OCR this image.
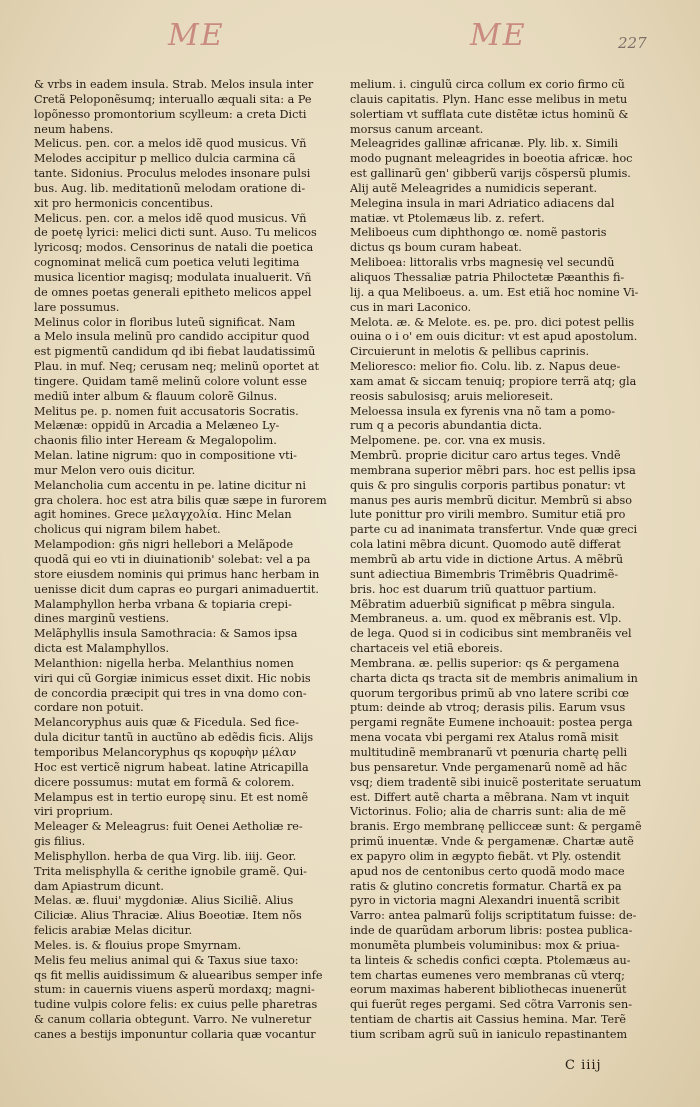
ME	ME	227
& vrbs in eadem insula. Strab. Melos insula inter
Cretã Peloponẽsumq; interuallo æquali sita: a Pe
lopõnesso promontorium scylleum: a creta Dicti
neum habens.
Melicus. pen. cor. a melos idẽ quod musicus. Vñ
Melodes accipitur p mellico dulcia carmina cã
tante. Sidonius. Proculus melodes insonare pulsi
bus. Aug. lib. meditationũ melodam oratione di-
xit pro hermonicis concentibus.
Melicus. pen. cor. a melos idẽ quod musicus. Vñ
de poetę lyrici: melici dicti sunt. Auso. Tu melicos
lyricosq; modos. Censorinus de natali die poetica
cognominat melicã cum poetica veluti legitima
musica licentior magisq; modulata inualuerit. Vñ
de omnes poetas generali epitheto melicos appel
lare possumus.
Melinus color in floribus luteũ significat. Nam
a Melo insula melinũ pro candido accipitur quod
est pigmentũ candidum qd ibi fiebat laudatissimũ
Plau. in muf. Neq; cerusam neq; melinũ oportet at
tingere. Quidam tamẽ melinũ colore volunt esse
mediũ inter album & flauum colorẽ Gilnus.
Melitus pe. p. nomen fuit accusatoris Socratis.
Melænæ: oppidũ in Arcadia a Melæneo Ly-
chaonis filio inter Heream & Megalopolim.
Melan. latine nigrum: quo in compositione vti-
mur Melon vero ouis dicitur.
Melancholia cum accentu in pe. latine dicitur ni
gra cholera. hoc est atra bilis quæ sæpe in furorem
agit homines. Grece μελαγχολία. Hinc Melan
cholicus qui nigram bilem habet.
Melampodion: gñs nigri hellebori a Melãpode
quodã qui eo vti in diuinationib' solebat: vel a pa
store eiusdem nominis qui primus hanc herbam in
uenisse dicit dum capras eo purgari animaduertit.
Malamphyllon herba vrbana & topiaria crepi-
dines marginũ vestiens.
Melãphyllis insula Samothracia: & Samos ipsa
dicta est Malamphyllos.
Melanthion: nigella herba. Melanthius nomen
viri qui cũ Gorgiæ inimicus esset dixit. Hic nobis
de concordia præcipit qui tres in vna domo con-
cordare non potuit.
Melancoryphus auis quæ & Ficedula. Sed fice-
dula dicitur tantũ in auctũno ab edẽdis ficis. Alijs
temporibus Melancoryphus qs κορυφὴν μέλαν
Hoc est verticẽ nigrum habeat. latine Atricapilla
dicere possumus: mutat em formã & colorem.
Melampus est in tertio europę sinu. Et est nomẽ
viri proprium.
Meleager & Meleagrus: fuit Oenei Aetholiæ re-
gis filius.
Melisphyllon. herba de qua Virg. lib. iiij. Geor.
Trita melisphylla & cerithe ignobile gramẽ. Qui-
dam Apiastrum dicunt.
Melas. æ. fluui' mygdoniæ. Alius Siciliẽ. Alius
Ciliciæ. Alius Thraciæ. Alius Boeotiæ. Item nõs
felicis arabiæ Melas dicitur.
Meles. is. & flouius prope Smyrnam.
Melis feu melius animal qui & Taxus siue taxo:
qs fit mellis auidissimum & aluearibus semper infe
stum: in cauernis viuens asperũ mordaxq; magni-
tudine vulpis colore felis: ex cuius pelle pharetras
& canum collaria obtegunt. Varro. Ne vulneretur
canes a bestijs imponuntur collaria quæ vocantur
melium. i. cingulũ circa collum ex corio firmo cũ
clauis capitatis. Plyn. Hanc esse melibus in metu
solertiam vt sufflata cute distẽtæ ictus hominũ &
morsus canum arceant.
Meleagrides gallinæ africanæ. Ply. lib. x. Simili
modo pugnant meleagrides in boeotia africæ. hoc
est gallinarũ gen' gibberũ varijs cõspersũ plumis.
Alij autẽ Meleagrides a numidicis seperant.
Melegina insula in mari Adriatico adiacens dal
matiæ. vt Ptolemæus lib. z. refert.
Meliboeus cum diphthongo œ. nomẽ pastoris
dictus qs boum curam habeat.
Meliboea: littoralis vrbs magnesię vel secundũ
aliquos Thessaliæ patria Philoctetæ Pæanthis fi-
lij. a qua Meliboeus. a. um. Est etiã hoc nomine Vi-
cus in mari Laconico.
Melota. æ. & Melote. es. pe. pro. dici potest pellis
ouina o i o' em ouis dicitur: vt est apud apostolum.
Circuierunt in melotis & pellibus caprinis.
Melioresco: melior fio. Colu. lib. z. Napus deue-
xam amat & siccam tenuiq; propiore terrã atq; gla
reosis sabulosisq; aruis melioreseit.
Meloessa insula ex fyrenis vna nõ tam a pomo-
rum q a pecoris abundantia dicta.
Melpomene. pe. cor. vna ex musis.
Membrũ. proprie dicitur caro artus teges. Vndẽ
membrana superior mẽbri pars. hoc est pellis ipsa
quis & pro singulis corporis partibus ponatur: vt
manus pes auris membrũ dicitur. Membrũ si abso
lute ponittur pro virili membro. Sumitur etiã pro
parte cu ad inanimata transfertur. Vnde quæ greci
cola latini mẽbra dicunt. Quomodo autẽ differat
membrũ ab artu vide in dictione Artus. A mẽbrũ
sunt adiectiua Bimembris Trimẽbris Quadrimẽ-
bris. hoc est duarum triũ quattuor partium.
Mẽbratim aduerbiũ significat p mẽbra singula.
Membraneus. a. um. quod ex mẽbranis est. Vlp.
de lega. Quod si in codicibus sint membranẽis vel
chartaceis vel etiã eboreis.
Membrana. æ. pellis superior: qs & pergamena
charta dicta qs tracta sit de membris animalium in
quorum tergoribus primũ ab vno latere scribi cœ
ptum: deinde ab vtroq; derasis pilis. Earum vsus
pergami regnãte Eumene inchoauit: postea perga
mena vocata vbi pergami rex Atalus romã misit
multitudinẽ membranarũ vt pœnuria chartę pelli
bus pensaretur. Vnde pergamenarũ nomẽ ad hãc
vsq; diem tradentẽ sibi inuicẽ posteritate seruatum
est. Differt autẽ charta a mẽbrana. Nam vt inquit
Victorinus. Folio; alia de charris sunt: alia de mẽ
branis. Ergo membranę pellicceæ sunt: & pergamẽ
primũ inuentæ. Vnde & pergamenæ. Chartæ autẽ
ex papyro olim in ægypto fiebãt. vt Ply. ostendit
apud nos de centonibus certo quodã modo mace
ratis & glutino concretis formatur. Chartã ex pa
pyro in victoria magni Alexandri inuentã scribit
Varro: antea palmarũ folijs scriptitatum fuisse: de-
inde de quarũdam arborum libris: postea publica-
monumẽta plumbeis voluminibus: mox & priua-
ta linteis & schedis confici cœpta. Ptolemæus au-
tem chartas eumenes vero membranas cũ vterq;
eorum maximas haberent bibliothecas inuenerũt
qui fuerũt reges pergami. Sed cõtra Varronis sen-
tentiam de chartis ait Cassius hemina. Mar. Terẽ
tium scribam agrũ suũ in ianiculo repastinantem
C iiij
